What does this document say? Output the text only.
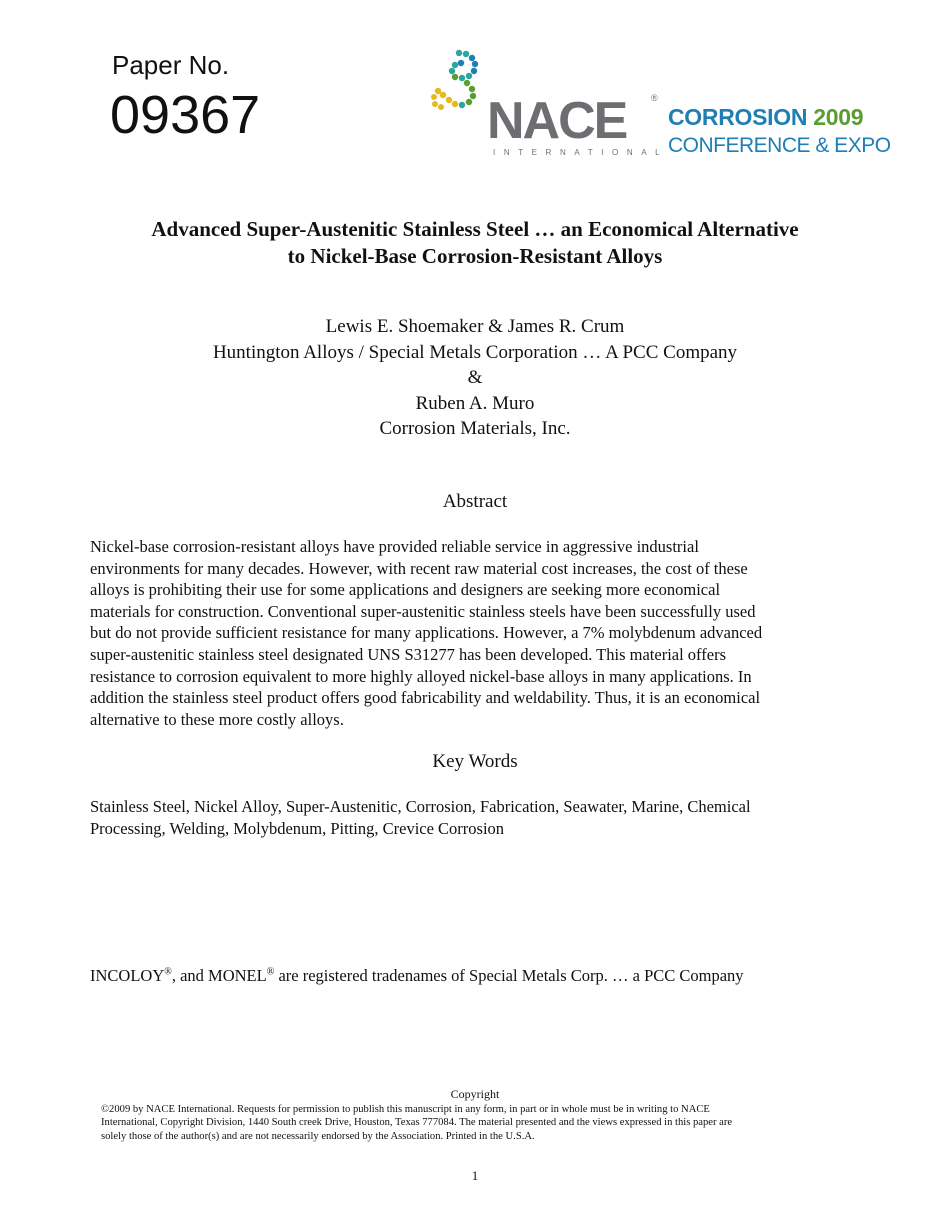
Paper No.
09367	NACE	®
INTERNATIONAL
CORROSION 2009
CONFERENCE & EXPO
Advanced Super-Austenitic Stainless Steel … an Economical Alternative
to Nickel-Base Corrosion-Resistant Alloys
Lewis E. Shoemaker & James R. Crum
Huntington Alloys / Special Metals Corporation … A PCC Company
&
Ruben A. Muro
Corrosion Materials, Inc.
Abstract
Nickel-base corrosion-resistant alloys have provided reliable service in aggressive industrial
environments for many decades. However, with recent raw material cost increases, the cost of these
alloys is prohibiting their use for some applications and designers are seeking more economical
materials for construction. Conventional super-austenitic stainless steels have been successfully used
but do not provide sufficient resistance for many applications. However, a 7% molybdenum advanced
super-austenitic stainless steel designated UNS S31277 has been developed. This material offers
resistance to corrosion equivalent to more highly alloyed nickel-base alloys in many applications. In
addition the stainless steel product offers good fabricability and weldability. Thus, it is an economical
alternative to these more costly alloys.
Key Words
Stainless Steel, Nickel Alloy, Super-Austenitic, Corrosion, Fabrication, Seawater, Marine, Chemical
Processing, Welding, Molybdenum, Pitting, Crevice Corrosion
INCOLOY®, and MONEL® are registered tradenames of Special Metals Corp. … a PCC Company
Copyright
©2009 by NACE International. Requests for permission to publish this manuscript in any form, in part or in whole must be in writing to NACE
International, Copyright Division, 1440 South creek Drive, Houston, Texas 777084. The material presented and the views expressed in this paper are
solely those of the author(s) and are not necessarily endorsed by the Association. Printed in the U.S.A.
1
